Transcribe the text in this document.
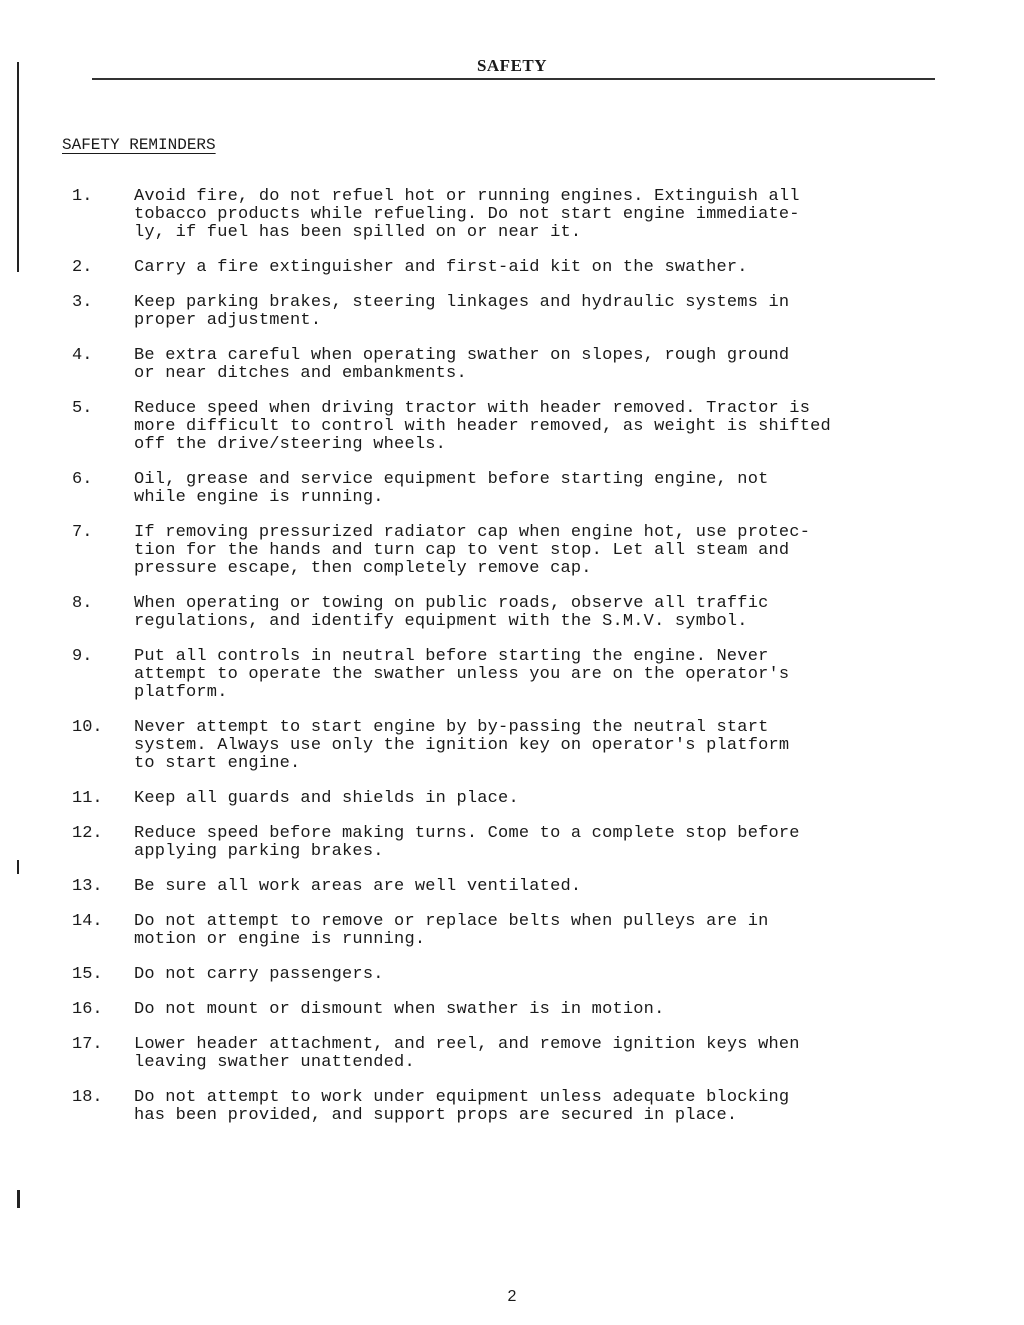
SAFETY
SAFETY REMINDERS
1.	Avoid fire, do not refuel hot or running engines. Extinguish all
tobacco products while refueling. Do not start engine immediate-
ly, if fuel has been spilled on or near it.
2.	Carry a fire extinguisher and first-aid kit on the swather.
3.	Keep parking brakes, steering linkages and hydraulic systems in
proper adjustment.
4.	Be extra careful when operating swather on slopes, rough ground
or near ditches and embankments.
5.	Reduce speed when driving tractor with header removed. Tractor is
more difficult to control with header removed, as weight is shifted
off the drive/steering wheels.
6.	Oil, grease and service equipment before starting engine, not
while engine is running.
7.	If removing pressurized radiator cap when engine hot, use protec-
tion for the hands and turn cap to vent stop. Let all steam and
pressure escape, then completely remove cap.
8.	When operating or towing on public roads, observe all traffic
regulations, and identify equipment with the S.M.V. symbol.
9.	Put all controls in neutral before starting the engine. Never
attempt to operate the swather unless you are on the operator's
platform.
10.	Never attempt to start engine by by-passing the neutral start
system. Always use only the ignition key on operator's platform
to start engine.
11.	Keep all guards and shields in place.
12.	Reduce speed before making turns. Come to a complete stop before
applying parking brakes.
13.	Be sure all work areas are well ventilated.
14.	Do not attempt to remove or replace belts when pulleys are in
motion or engine is running.
15.	Do not carry passengers.
16.	Do not mount or dismount when swather is in motion.
17.	Lower header attachment, and reel, and remove ignition keys when
leaving swather unattended.
18.	Do not attempt to work under equipment unless adequate blocking
has been provided, and support props are secured in place.
2
